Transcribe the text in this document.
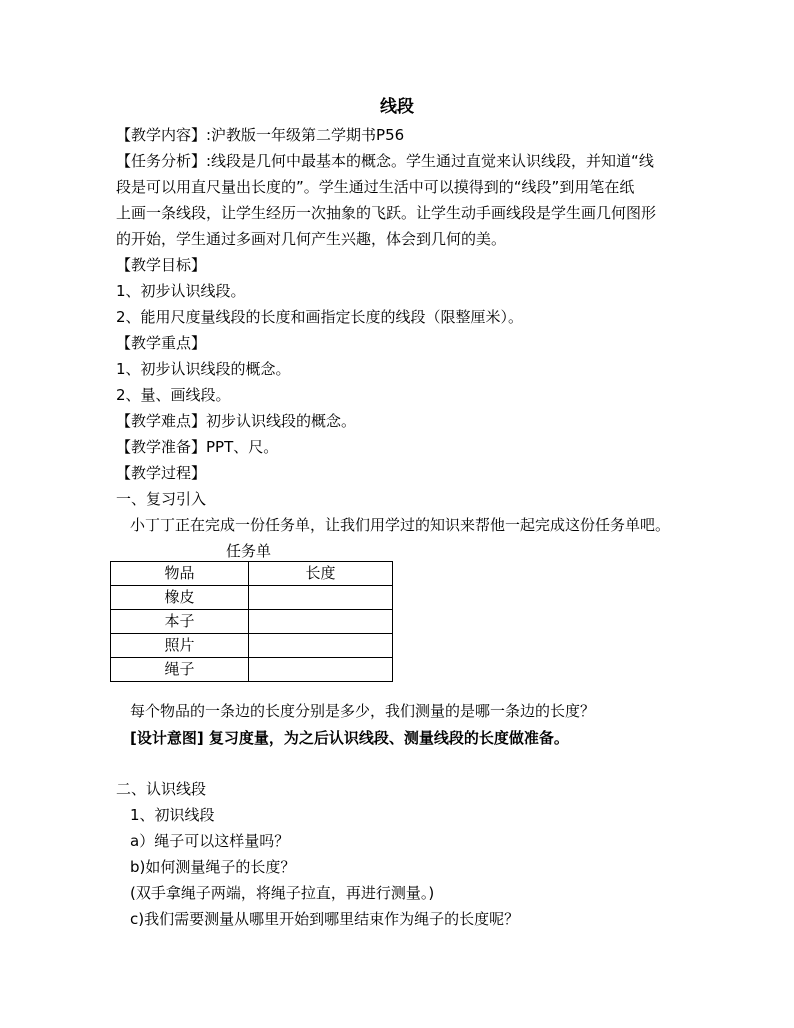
线段
【教学内容】:沪教版一年级第二学期书P56
【任务分析】:线段是几何中最基本的概念。学生通过直觉来认识线段，并知道“线
段是可以用直尺量出长度的”。学生通过生活中可以摸得到的“线段”到用笔在纸
上画一条线段，让学生经历一次抽象的飞跃。让学生动手画线段是学生画几何图形
的开始，学生通过多画对几何产生兴趣，体会到几何的美。
【教学目标】
1、初步认识线段。
2、能用尺度量线段的长度和画指定长度的线段（限整厘米）。
【教学重点】
1、初步认识线段的概念。
2、量、画线段。
【教学难点】初步认识线段的概念。
【教学准备】PPT、尺。
【教学过程】
一、复习引入
小丁丁正在完成一份任务单，让我们用学过的知识来帮他一起完成这份任务单吧。
任务单
物品	长度
橡皮	
本子	
照片	
绳子	
每个物品的一条边的长度分别是多少，我们测量的是哪一条边的长度？
[设计意图] 复习度量，为之后认识线段、测量线段的长度做准备。
二、认识线段
1、初识线段
a）绳子可以这样量吗？
b)如何测量绳子的长度？
(双手拿绳子两端，将绳子拉直，再进行测量。)
c)我们需要测量从哪里开始到哪里结束作为绳子的长度呢？
